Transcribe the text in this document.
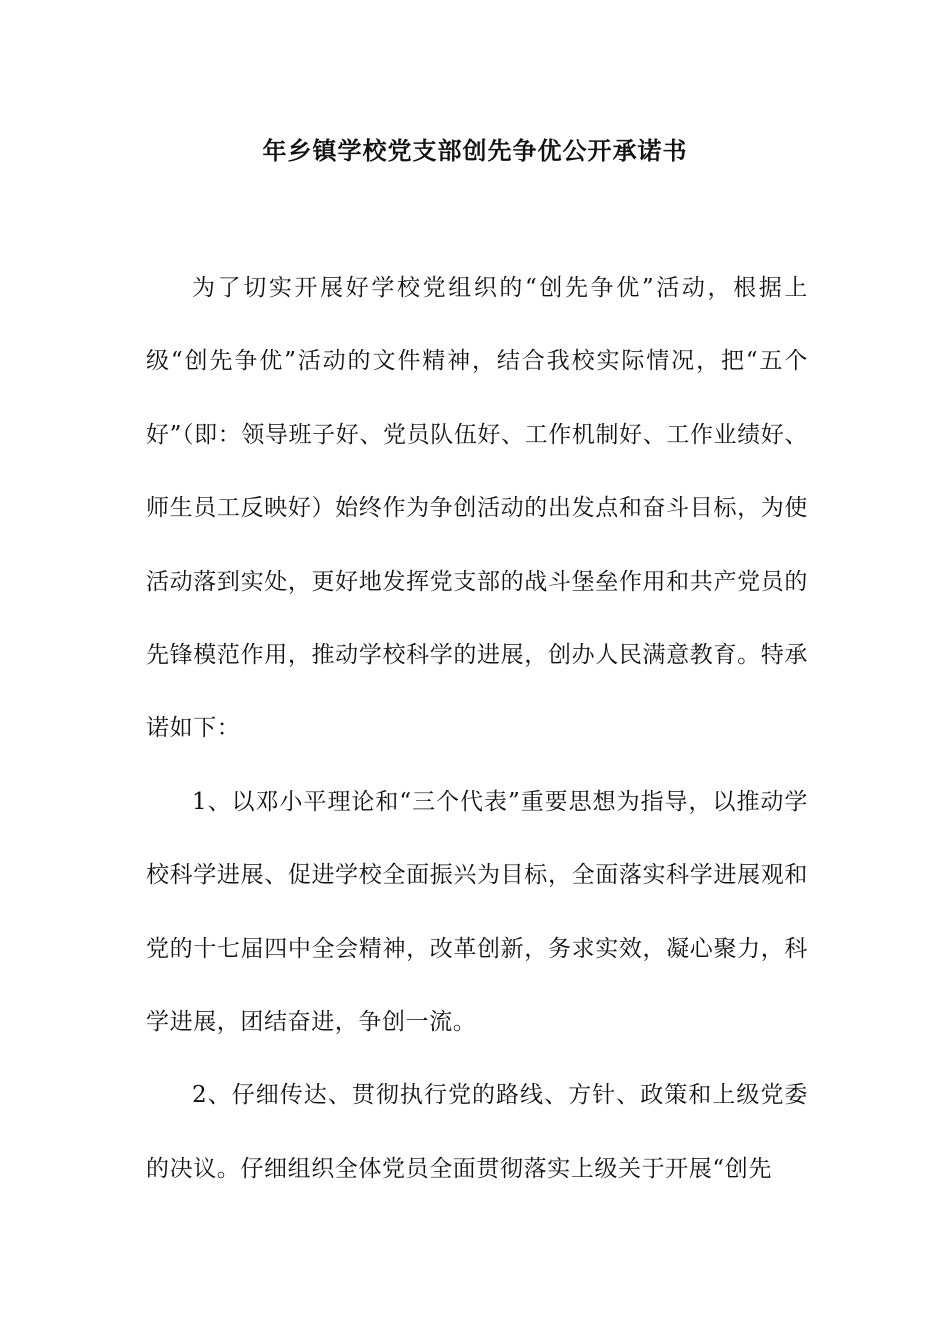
年乡镇学校党支部创先争优公开承诺书

为了切实开展好学校党组织的“创先争优”活动，根据上级“创先争优”活动的文件精神，结合我校实际情况，把“五个好”（即：领导班子好、党员队伍好、工作机制好、工作业绩好、师生员工反映好）始终作为争创活动的出发点和奋斗目标，为使活动落到实处，更好地发挥党支部的战斗堡垒作用和共产党员的先锋模范作用，推动学校科学的进展，创办人民满意教育。特承诺如下：

1、以邓小平理论和“三个代表”重要思想为指导，以推动学校科学进展、促进学校全面振兴为目标，全面落实科学进展观和党的十七届四中全会精神，改革创新，务求实效，凝心聚力，科学进展，团结奋进，争创一流。

2、仔细传达、贯彻执行党的路线、方针、政策和上级党委的决议。仔细组织全体党员全面贯彻落实上级关于开展“创先
